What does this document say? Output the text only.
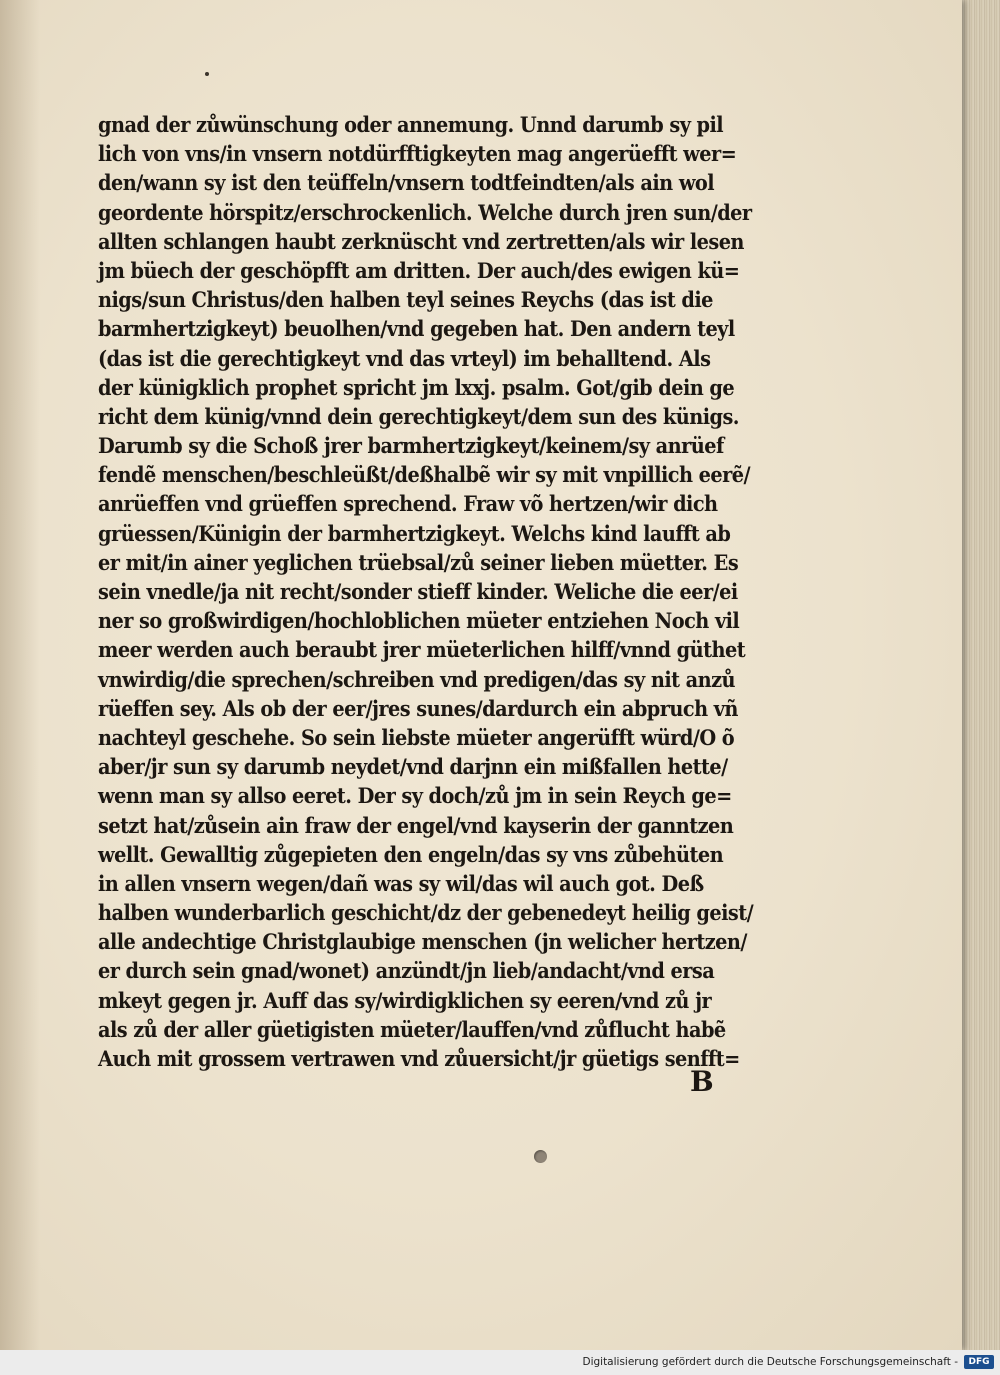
gnad der zůwünschung oder annemung. Unnd darumb sy pil
lich von vns/in vnsern notdürfftigkeyten mag angerüefft wer=
den/wann sy ist den teüffeln/vnsern todtfeindten/als ain wol
geordente hörspitz/erschrockenlich. Welche durch jren sun/der
allten schlangen haubt zerknüscht vnd zertretten/als wir lesen
jm büech der geschöpfft am dritten. Der auch/des ewigen kü=
nigs/sun Christus/den halben teyl seines Reychs (das ist die
barmhertzigkeyt) beuolhen/vnd gegeben hat. Den andern teyl
(das ist die gerechtigkeyt vnd das vrteyl) im behalltend. Als
der künigklich prophet spricht jm lxxj. psalm. Got/gib dein ge
richt dem künig/vnnd dein gerechtigkeyt/dem sun des künigs.
Darumb sy die Schoß jrer barmhertzigkeyt/keinem/sy anrüef
fendẽ menschen/beschleüßt/deßhalbẽ wir sy mit vnpillich eerẽ/
anrüeffen vnd grüeffen sprechend. Fraw võ hertzen/wir dich
grüessen/Künigin der barmhertzigkeyt. Welchs kind laufft ab
er mit/in ainer yeglichen trüebsal/zů seiner lieben müetter. Es
sein vnedle/ja nit recht/sonder stieff kinder. Weliche die eer/ei
ner so großwirdigen/hochloblichen müeter entziehen Noch vil
meer werden auch beraubt jrer müeterlichen hilff/vnnd güthet
vnwirdig/die sprechen/schreiben vnd predigen/das sy nit anzů
rüeffen sey. Als ob der eer/jres sunes/dardurch ein abpruch vñ
nachteyl geschehe. So sein liebste müeter angerüfft würd/O õ
aber/jr sun sy darumb neydet/vnd darjnn ein mißfallen hette/
wenn man sy allso eeret. Der sy doch/zů jm in sein Reych ge=
setzt hat/zůsein ain fraw der engel/vnd kayserin der ganntzen
wellt. Gewalltig zůgepieten den engeln/das sy vns zůbehüten
in allen vnsern wegen/dañ was sy wil/das wil auch got. Deß
halben wunderbarlich geschicht/dz der gebenedeyt heilig geist/
alle andechtige Christglaubige menschen (jn welicher hertzen/
er durch sein gnad/wonet) anzündt/jn lieb/andacht/vnd ersa
mkeyt gegen jr. Auff das sy/wirdigklichen sy eeren/vnd zů jr
als zů der aller güetigisten müeter/lauffen/vnd zůflucht habẽ
Auch mit grossem vertrawen vnd zůuersicht/jr güetigs senfft=
B
Digitalisierung gefördert durch die Deutsche Forschungsgemeinschaft -	DFG
